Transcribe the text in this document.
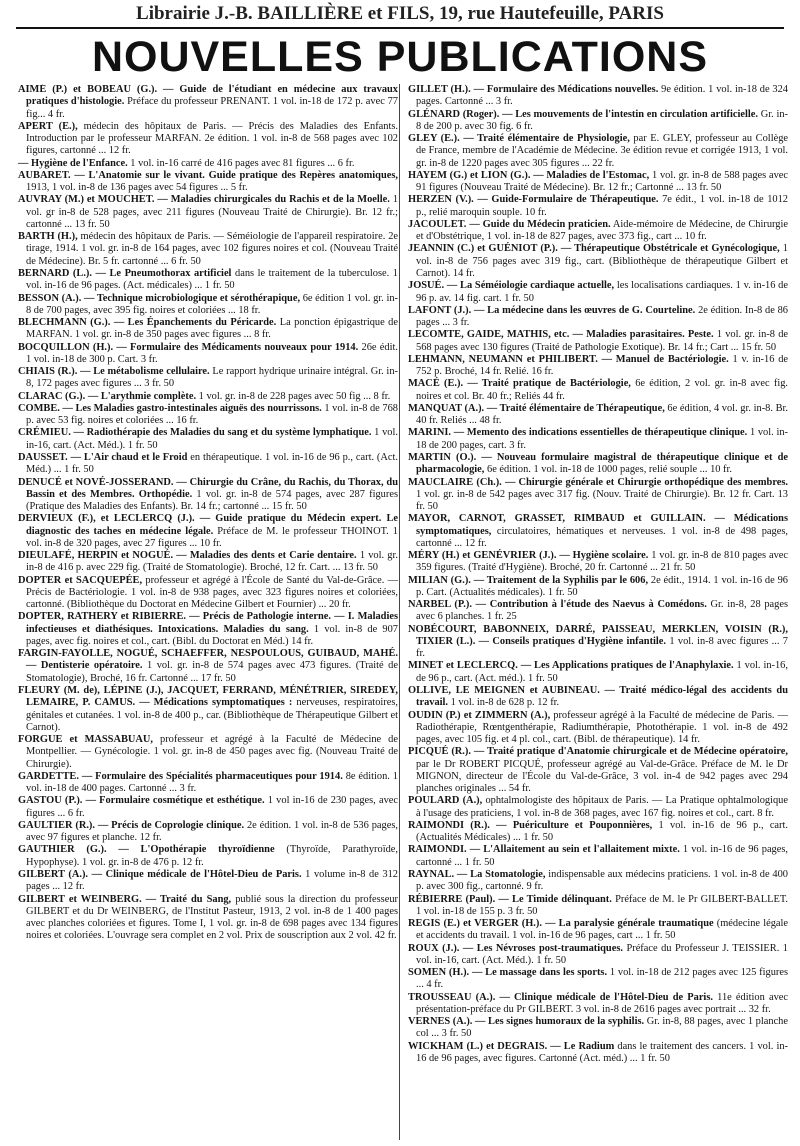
Librairie J.-B. BAILLIÈRE et FILS, 19, rue Hautefeuille, PARIS
NOUVELLES PUBLICATIONS

AIMÉ (P.) et BOBEAU (G.). — Guide de l'étudiant en médecine aux travaux pratiques d'histologie. Préface du professeur PRENANT. 1 vol. in-18 de 172 p. avec 77 fig... 4 fr.

APERT (E.), médecin des hôpitaux de Paris. — Précis des Maladies des Enfants. Introduction par le professeur MARFAN. 2e édition. 1 vol. in-8 de 568 pages avec 102 figures, cartonné ... 12 fr.

— Hygiène de l'Enfance. 1 vol. in-16 carré de 416 pages avec 81 figures ... 6 fr.

AUBARET. — L'Anatomie sur le vivant. Guide pratique des Repères anatomiques, 1913, 1 vol. in-8 de 136 pages avec 54 figures ... 5 fr.

AUVRAY (M.) et MOUCHET. — Maladies chirurgicales du Rachis et de la Moelle. 1 vol. gr in-8 de 528 pages, avec 211 figures (Nouveau Traité de Chirurgie). Br. 12 fr.; cartonné ... 13 fr. 50

BARTH (H.), médecin des hôpitaux de Paris. — Séméiologie de l'appareil respiratoire. 2e tirage, 1914. 1 vol. gr. in-8 de 164 pages, avec 102 figures noires et col. (Nouveau Traité de Médecine). Br. 5 fr. cartonné ... 6 fr. 50

BERNARD (L.). — Le Pneumothorax artificiel dans le traitement de la tuberculose. 1 vol. in-16 de 96 pages. (Act. médicales) ... 1 fr. 50

BESSON (A.). — Technique microbiologique et sérothérapique, 6e édition 1 vol. gr. in-8 de 700 pages, avec 395 fig. noires et coloriées ... 18 fr.

BLECHMANN (G.). — Les Épanchements du Péricarde. La ponction épigastrique de MARFAN. 1 vol. gr. in-8 de 350 pages avec figures ... 8 fr.

BOCQUILLON (H.). — Formulaire des Médicaments nouveaux pour 1914. 26e édit. 1 vol. in-18 de 300 p. Cart. 3 fr.

CHIAIS (R.). — Le métabolisme cellulaire. Le rapport hydrique urinaire intégral. Gr. in-8, 172 pages avec figures ... 3 fr. 50

CLARAC (G.). — L'arythmie complète. 1 vol. gr. in-8 de 228 pages avec 50 fig ... 8 fr.

COMBE. — Les Maladies gastro-intestinales aiguës des nourrissons. 1 vol. in-8 de 768 p. avec 53 fig. noires et coloriées ... 16 fr.

CRÉMIEU. — Radiothérapie des Maladies du sang et du système lymphatique. 1 vol. in-16, cart. (Act. Méd.). 1 fr. 50

DAUSSET. — L'Air chaud et le Froid en thérapeutique. 1 vol. in-16 de 96 p., cart. (Act. Méd.) ... 1 fr. 50

DENUCÉ et NOVÉ-JOSSERAND. — Chirurgie du Crâne, du Rachis, du Thorax, du Bassin et des Membres. Orthopédie. 1 vol. gr. in-8 de 574 pages, avec 287 figures (Pratique des Maladies des Enfants). Br. 14 fr.; cartonné ... 15 fr. 50

DERVIEUX (F.), et LECLERCQ (J.). — Guide pratique du Médecin expert. Le diagnostic des taches en médecine légale. Préface de M. le professeur THOINOT. 1 vol. in-8 de 320 pages, avec 27 figures ... 10 fr.

DIEULAFÉ, HERPIN et NOGUÉ. — Maladies des dents et Carie dentaire. 1 vol. gr. in-8 de 416 p. avec 229 fig. (Traité de Stomatologie). Broché, 12 fr. Cart. ... 13 fr. 50

DOPTER et SACQUEPÉE, professeur et agrégé à l'École de Santé du Val-de-Grâce. — Précis de Bactériologie. 1 vol. in-8 de 938 pages, avec 323 figures noires et coloriées, cartonné. (Bibliothèque du Doctorat en Médecine Gilbert et Fournier) ... 20 fr.

DOPTER, RATHERY et RIBIERRE. — Précis de Pathologie interne. — I. Maladies infectieuses et diathésiques. Intoxications. Maladies du sang. 1 vol. in-8 de 907 pages, avec fig. noires et col., cart. (Bibl. du Doctorat en Méd.) 14 fr.

FARGIN-FAYOLLE, NOGUÉ, SCHAEFFER, NESPOULOUS, GUIBAUD, MAHÉ. — Dentisterie opératoire. 1 vol. gr. in-8 de 574 pages avec 473 figures. (Traité de Stomatologie), Broché, 16 fr. Cartonné ... 17 fr. 50

FLEURY (M. de), LÉPINE (J.), JACQUET, FERRAND, MÉNÉTRIER, SIREDEY, LEMAIRE, P. CAMUS. — Médications symptomatiques : nerveuses, respiratoires, génitales et cutanées. 1 vol. in-8 de 400 p., car. (Bibliothèque de Thérapeutique Gilbert et Carnot).

FORGUE et MASSABUAU, professeur et agrégé à la Faculté de Médecine de Montpellier. — Gynécologie. 1 vol. gr. in-8 de 450 pages avec fig. (Nouveau Traité de Chirurgie).

GARDETTE. — Formulaire des Spécialités pharmaceutiques pour 1914. 8e édition. 1 vol. in-18 de 400 pages. Cartonné ... 3 fr.

GASTOU (P.). — Formulaire cosmétique et esthétique. 1 vol in-16 de 230 pages, avec figures ... 6 fr.

GAULTIER (R.). — Précis de Coprologie clinique. 2e édition. 1 vol. in-8 de 536 pages, avec 97 figures et planche. 12 fr.

GAUTHIER (G.). — L'Opothérapie thyroïdienne (Thyroïde, Parathyroïde, Hypophyse). 1 vol. gr. in-8 de 476 p. 12 fr.

GILBERT (A.). — Clinique médicale de l'Hôtel-Dieu de Paris. 1 volume in-8 de 312 pages ... 12 fr.

GILBERT et WEINBERG. — Traité du Sang, publié sous la direction du professeur GILBERT et du Dr WEINBERG, de l'Institut Pasteur, 1913, 2 vol. in-8 de 1 400 pages avec planches coloriées et figures. Tome I, 1 vol. gr. in-8 de 698 pages avec 134 figures noires et coloriées. L'ouvrage sera complet en 2 vol. Prix de souscription aux 2 vol. 42 fr.

GILLET (H.). — Formulaire des Médications nouvelles. 9e édition. 1 vol. in-18 de 324 pages. Cartonné ... 3 fr.

GLÉNARD (Roger). — Les mouvements de l'intestin en circulation artificielle. Gr. in-8 de 200 p. avec 30 fig. 6 fr.

GLEY (E.). — Traité élémentaire de Physiologie, par E. GLEY, professeur au Collège de France, membre de l'Académie de Médecine. 3e édition revue et corrigée 1913, 1 vol. gr. in-8 de 1220 pages avec 305 figures ... 22 fr.

HAYEM (G.) et LION (G.). — Maladies de l'Estomac, 1 vol. gr. in-8 de 588 pages avec 91 figures (Nouveau Traité de Médecine). Br. 12 fr.; Cartonné ... 13 fr. 50

HERZEN (V.). — Guide-Formulaire de Thérapeutique. 7e édit., 1 vol. in-18 de 1012 p., relié maroquin souple. 10 fr.

JACOULET. — Guide du Médecin praticien. Aide-mémoire de Médecine, de Chirurgie et d'Obstétrique, 1 vol. in-18 de 827 pages, avec 373 fig., cart ... 10 fr.

JEANNIN (C.) et GUÉNIOT (P.). — Thérapeutique Obstétricale et Gynécologique, 1 vol. in-8 de 756 pages avec 319 fig., cart. (Bibliothèque de thérapeutique Gilbert et Carnot). 14 fr.

JOSUÉ. — La Séméiologie cardiaque actuelle, les localisations cardiaques. 1 v. in-16 de 96 p. av. 14 fig. cart. 1 fr. 50

LAFONT (J.). — La médecine dans les œuvres de G. Courteline. 2e édition. In-8 de 86 pages ... 3 fr.

LECOMTE, GAIDE, MATHIS, etc. — Maladies parasitaires. Peste. 1 vol. gr. in-8 de 568 pages avec 130 figures (Traité de Pathologie Exotique). Br. 14 fr.; Cart ... 15 fr. 50

LEHMANN, NEUMANN et PHILIBERT. — Manuel de Bactériologie. 1 v. in-16 de 752 p. Broché, 14 fr. Relié. 16 fr.

MACÉ (E.). — Traité pratique de Bactériologie, 6e édition, 2 vol. gr. in-8 avec fig. noires et col. Br. 40 fr.; Reliés 44 fr.

MANQUAT (A.). — Traité élémentaire de Thérapeutique, 6e édition, 4 vol. gr. in-8. Br. 40 fr. Reliés ... 48 fr.

MARINI. — Memento des indications essentielles de thérapeutique clinique. 1 vol. in-18 de 200 pages, cart. 3 fr.

MARTIN (O.). — Nouveau formulaire magistral de thérapeutique clinique et de pharmacologie, 6e édition. 1 vol. in-18 de 1000 pages, relié souple ... 10 fr.

MAUCLAIRE (Ch.). — Chirurgie générale et Chirurgie orthopédique des membres. 1 vol. gr. in-8 de 542 pages avec 317 fig. (Nouv. Traité de Chirurgie). Br. 12 fr. Cart. 13 fr. 50

MAYOR, CARNOT, GRASSET, RIMBAUD et GUILLAIN. — Médications symptomatiques, circulatoires, hématiques et nerveuses. 1 vol. in-8 de 498 pages, cartonné ... 12 fr.

MÉRY (H.) et GENÉVRIER (J.). — Hygiène scolaire. 1 vol. gr. in-8 de 810 pages avec 359 figures. (Traité d'Hygiène). Broché, 20 fr. Cartonné ... 21 fr. 50

MILIAN (G.). — Traitement de la Syphilis par le 606, 2e édit., 1914. 1 vol. in-16 de 96 p. Cart. (Actualités médicales). 1 fr. 50

NARBEL (P.). — Contribution à l'étude des Naevus à Comédons. Gr. in-8, 28 pages avec 6 planches. 1 fr. 25

NOBÉCOURT, BABONNEIX, DARRÉ, PAISSEAU, MERKLEN, VOISIN (R.), TIXIER (L.). — Conseils pratiques d'Hygiène infantile. 1 vol. in-8 avec figures ... 7 fr.

MINET et LECLERCQ. — Les Applications pratiques de l'Anaphylaxie. 1 vol. in-16, de 96 p., cart. (Act. méd.). 1 fr. 50

OLLIVE, LE MEIGNEN et AUBINEAU. — Traité médico-légal des accidents du travail. 1 vol. in-8 de 628 p. 12 fr.

OUDIN (P.) et ZIMMERN (A.), professeur agrégé à la Faculté de médecine de Paris. — Radiothérapie, Rœntgenthérapie, Radiumthérapie, Photothérapie. 1 vol. in-8 de 492 pages, avec 105 fig. et 4 pl. col., cart. (Bibl. de thérapeutique). 14 fr.

PICQUÉ (R.). — Traité pratique d'Anatomie chirurgicale et de Médecine opératoire, par le Dr ROBERT PICQUÉ, professeur agrégé au Val-de-Grâce. Préface de M. le Dr MIGNON, directeur de l'École du Val-de-Grâce, 3 vol. in-4 de 942 pages avec 294 planches originales ... 54 fr.

POULARD (A.), ophtalmologiste des hôpitaux de Paris. — La Pratique ophtalmologique à l'usage des praticiens, 1 vol. in-8 de 368 pages, avec 167 fig. noires et col., cart. 8 fr.

RAIMONDI (R.). — Puériculture et Pouponnières, 1 vol. in-16 de 96 p., cart. (Actualités Médicales) ... 1 fr. 50

RAIMONDI. — L'Allaitement au sein et l'allaitement mixte. 1 vol. in-16 de 96 pages, cartonné ... 1 fr. 50

RAYNAL. — La Stomatologie, indispensable aux médecins praticiens. 1 vol. in-8 de 400 p. avec 300 fig., cartonné. 9 fr.

RÉBIERRE (Paul). — Le Timide délinquant. Préface de M. le Pr GILBERT-BALLET. 1 vol. in-18 de 155 p. 3 fr. 50

REGIS (E.) et VERGER (H.). — La paralysie générale traumatique (médecine légale et accidents du travail. 1 vol. in-16 de 96 pages, cart ... 1 fr. 50

ROUX (J.). — Les Névroses post-traumatiques. Préface du Professeur J. TEISSIER. 1 vol. in-16, cart. (Act. Méd.). 1 fr. 50

SOMEN (H.). — Le massage dans les sports. 1 vol. in-18 de 212 pages avec 125 figures ... 4 fr.

TROUSSEAU (A.). — Clinique médicale de l'Hôtel-Dieu de Paris. 11e édition avec présentation-préface du Pr GILBERT. 3 vol. in-8 de 2616 pages avec portrait ... 32 fr.

VERNES (A.). — Les signes humoraux de la syphilis. Gr. in-8, 88 pages, avec 1 planche col ... 3 fr. 50

WICKHAM (L.) et DEGRAIS. — Le Radium dans le traitement des cancers. 1 vol. in-16 de 96 pages, avec figures. Cartonné (Act. méd.) ... 1 fr. 50
